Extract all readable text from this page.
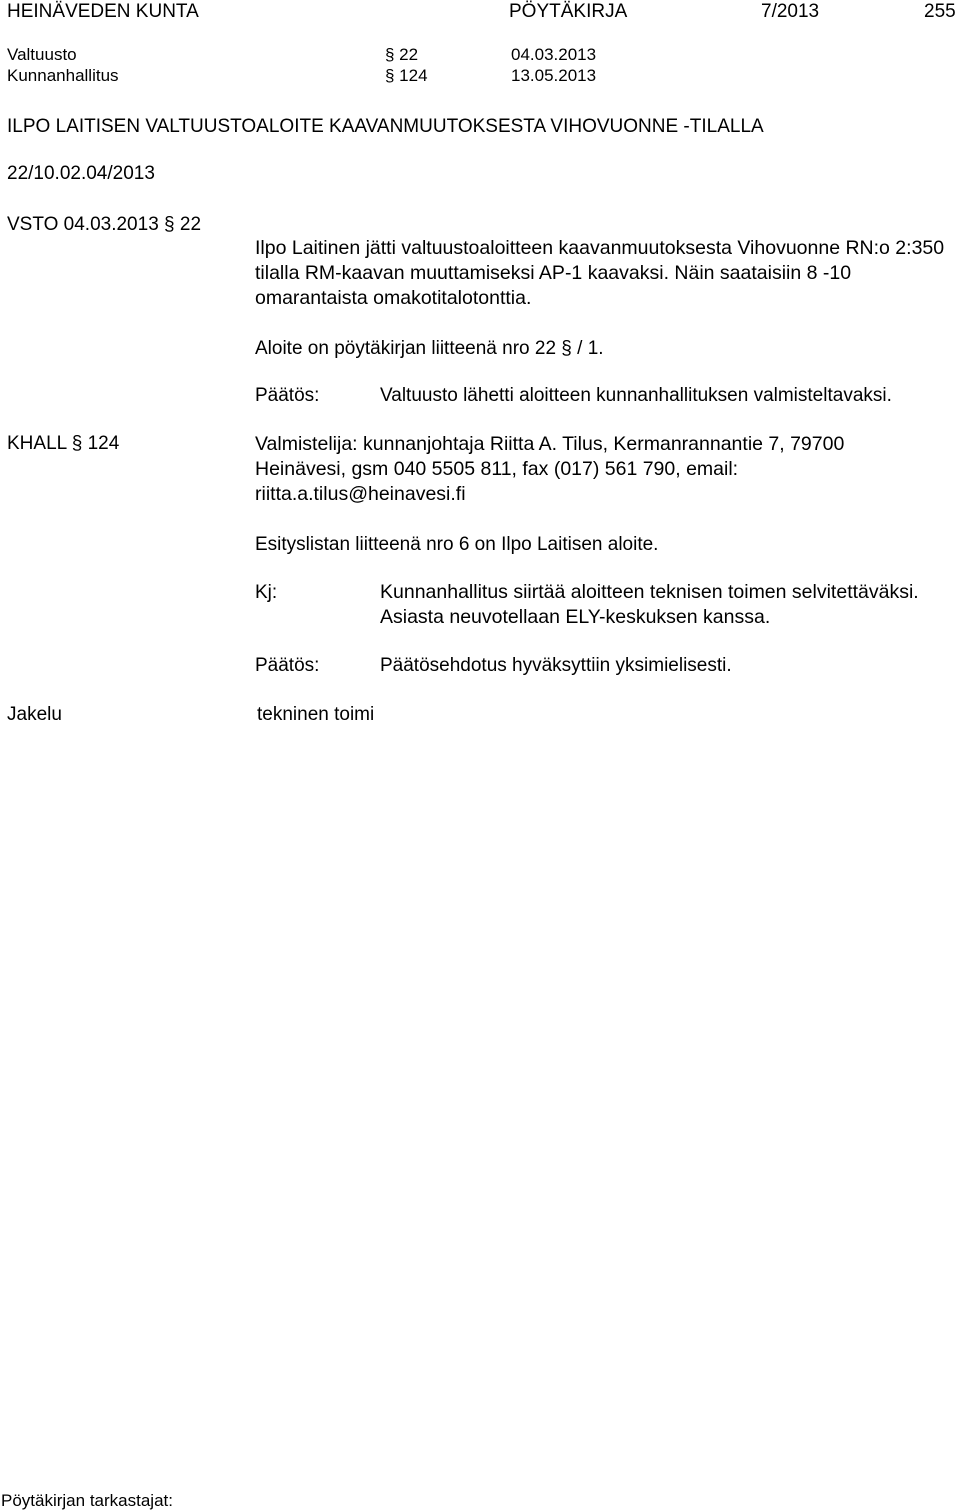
HEINÄVEDEN KUNTA	PÖYTÄKIRJA	7/2013	255
Valtuusto	§ 22	04.03.2013
Kunnanhallitus	§ 124	13.05.2013
ILPO LAITISEN VALTUUSTOALOITE KAAVANMUUTOKSESTA VIHOVUONNE -TILALLA
22/10.02.04/2013
VSTO 04.03.2013 § 22
Ilpo Laitinen jätti valtuustoaloitteen kaavanmuutoksesta Vihovuonne RN:o 2:350 tilalla RM-kaavan muuttamiseksi AP-1 kaavaksi. Näin saataisiin 8 -10 omarantaista omakotitalotonttia.
Aloite on pöytäkirjan liitteenä nro 22 § / 1.
Päätös:	Valtuusto lähetti aloitteen kunnanhallituksen valmisteltavaksi.
KHALL § 124	Valmistelija: kunnanjohtaja Riitta A. Tilus, Kermanrannantie 7, 79700 Heinävesi, gsm 040 5505 811, fax (017) 561 790, email: riitta.a.tilus@heinavesi.fi
Esityslistan liitteenä nro 6 on Ilpo Laitisen aloite.
Kj:	Kunnanhallitus siirtää aloitteen teknisen toimen selvitettäväksi. Asiasta neuvotellaan ELY-keskuksen kanssa.
Päätös:	Päätösehdotus hyväksyttiin yksimielisesti.
Jakelu	tekninen toimi
Pöytäkirjan tarkastajat:
